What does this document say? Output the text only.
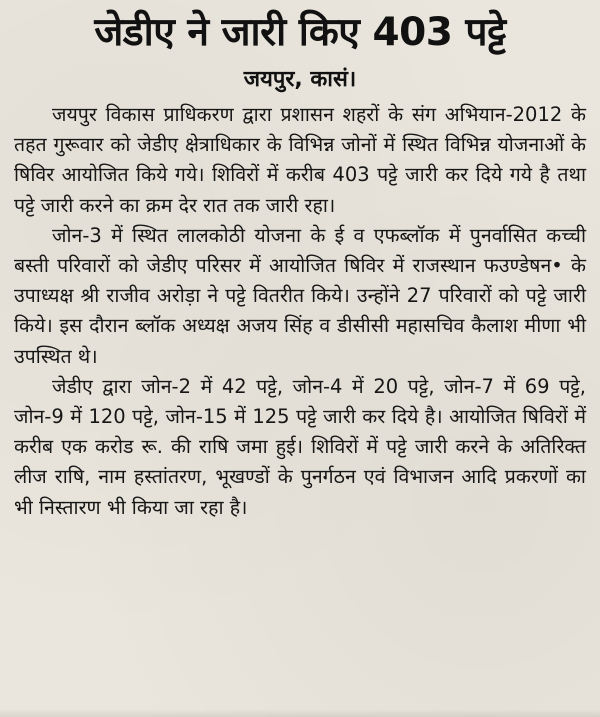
जेडीए ने जारी किए 403 पट्टे
जयपुर, कासं।

जयपुर विकास प्राधिकरण द्वारा प्रशासन शहरों के संग अभियान-2012 के तहत गुरूवार को जेडीए क्षेत्राधिकार के विभिन्न जोनों में स्थित विभिन्न योजनाओं के षिविर आयोजित किये गये। शिविरों में करीब 403 पट्टे जारी कर दिये गये है तथा पट्टे जारी करने का क्रम देर रात तक जारी रहा।

जोन-3 में स्थित लालकोठी योजना के ई व एफब्लॉक में पुनर्वासित कच्ची बस्ती परिवारों को जेडीए परिसर में आयोजित षिविर में राजस्थान फउण्डेषन• के उपाध्यक्ष श्री राजीव अरोड़ा ने पट्टे वितरीत किये। उन्होंने 27 परिवारों को पट्टे जारी किये। इस दौरान ब्लॉक अध्यक्ष अजय सिंह व डीसीसी महासचिव कैलाश मीणा भी उपस्थित थे।

जेडीए द्वारा जोन-2 में 42 पट्टे, जोन-4 में 20 पट्टे, जोन-7 में 69 पट्टे, जोन-9 में 120 पट्टे, जोन-15 में 125 पट्टे जारी कर दिये है। आयोजित षिविरों में करीब एक करोड रू. की राषि जमा हुई। शिविरों में पट्टे जारी करने के अतिरिक्त लीज राषि, नाम हस्तांतरण, भूखण्डों के पुनर्गठन एवं विभाजन आदि प्रकरणों का भी निस्तारण भी किया जा रहा है।
